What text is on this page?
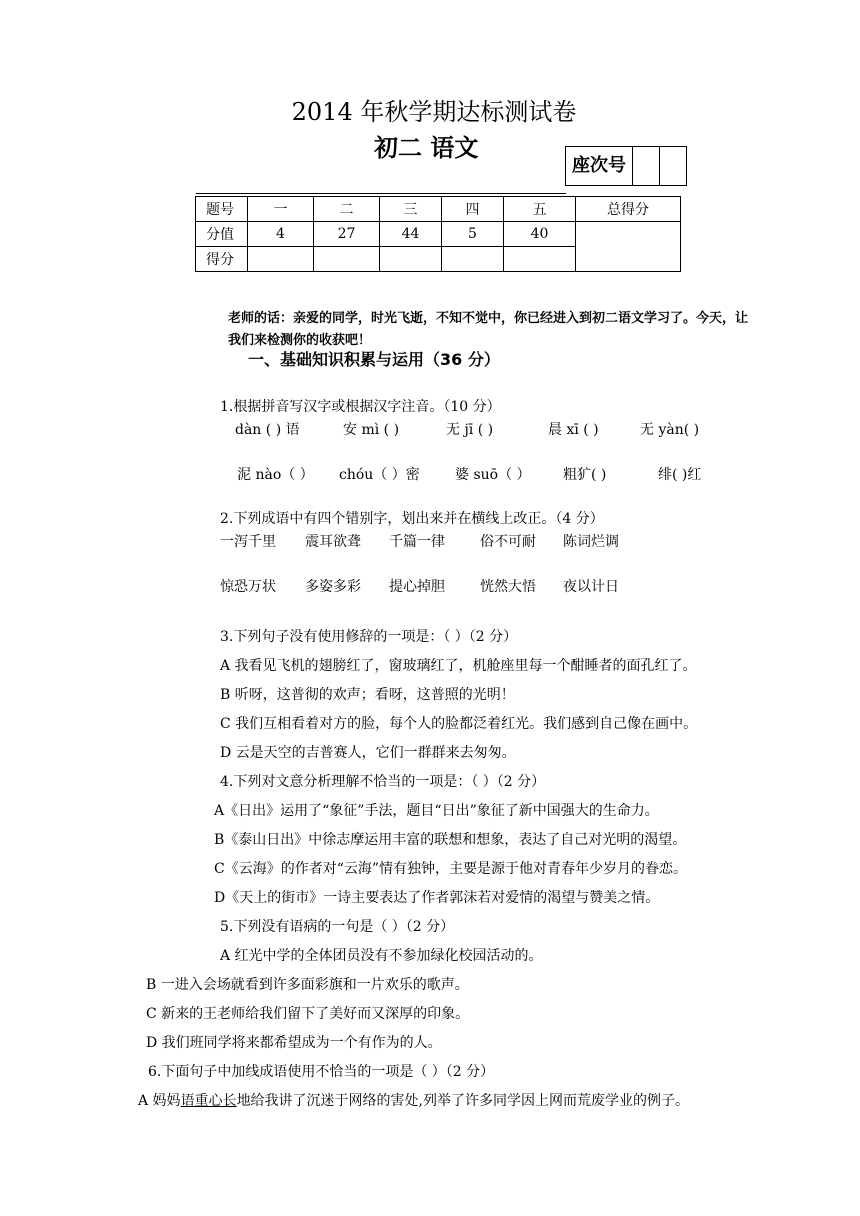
2014 年秋学期达标测试卷
初二 语文
座次号
题号	一	二	三	四	五	总得分
分值	4	27	44	5	40	
得分						
老师的话：亲爱的同学，时光飞逝，不知不觉中，你已经进入到初二语文学习了。今天，让我们来检测你的收获吧！
一、基础知识积累与运用（36 分）
1.根据拼音写汉字或根据汉字注音。（10 分）
dàn ( ) 语	安 mì ( )	无 jī ( )	晨 xī ( )	无 yàn( )
泥 nào（ ） chóu（ ）密	婆 suō（ ） 粗犷( )	绯( )红
2.下列成语中有四个错别字，划出来并在横线上改正。（4 分）
一泻千里 震耳欲聋 千篇一律	俗不可耐 陈词烂调
惊恐万状 多姿多彩 提心掉胆	恍然大悟 夜以计日
3.下列句子没有使用修辞的一项是：（ ）（2 分）
A 我看见飞机的翅膀红了，窗玻璃红了，机舱座里每一个酣睡者的面孔红了。
B 听呀，这普彻的欢声；看呀，这普照的光明！
C 我们互相看着对方的脸，每个人的脸都泛着红光。我们感到自己像在画中。
D 云是天空的吉普赛人，它们一群群来去匆匆。
4.下列对文意分析理解不恰当的一项是：（ ）（2 分）
A《日出》运用了“象征”手法，题目“日出”象征了新中国强大的生命力。
B《泰山日出》中徐志摩运用丰富的联想和想象，表达了自己对光明的渴望。
C《云海》的作者对“云海”情有独钟，主要是源于他对青春年少岁月的眷恋。
D《天上的街市》一诗主要表达了作者郭沫若对爱情的渴望与赞美之情。
5.下列没有语病的一句是（ ）（2 分）
A 红光中学的全体团员没有不参加绿化校园活动的。
B 一进入会场就看到许多面彩旗和一片欢乐的歌声。
C 新来的王老师给我们留下了美好而又深厚的印象。
D 我们班同学将来都希望成为一个有作为的人。
6.下面句子中加线成语使用不恰当的一项是（ ）（2 分）
A 妈妈语重心长地给我讲了沉迷于网络的害处,列举了许多同学因上网而荒废学业的例子。
